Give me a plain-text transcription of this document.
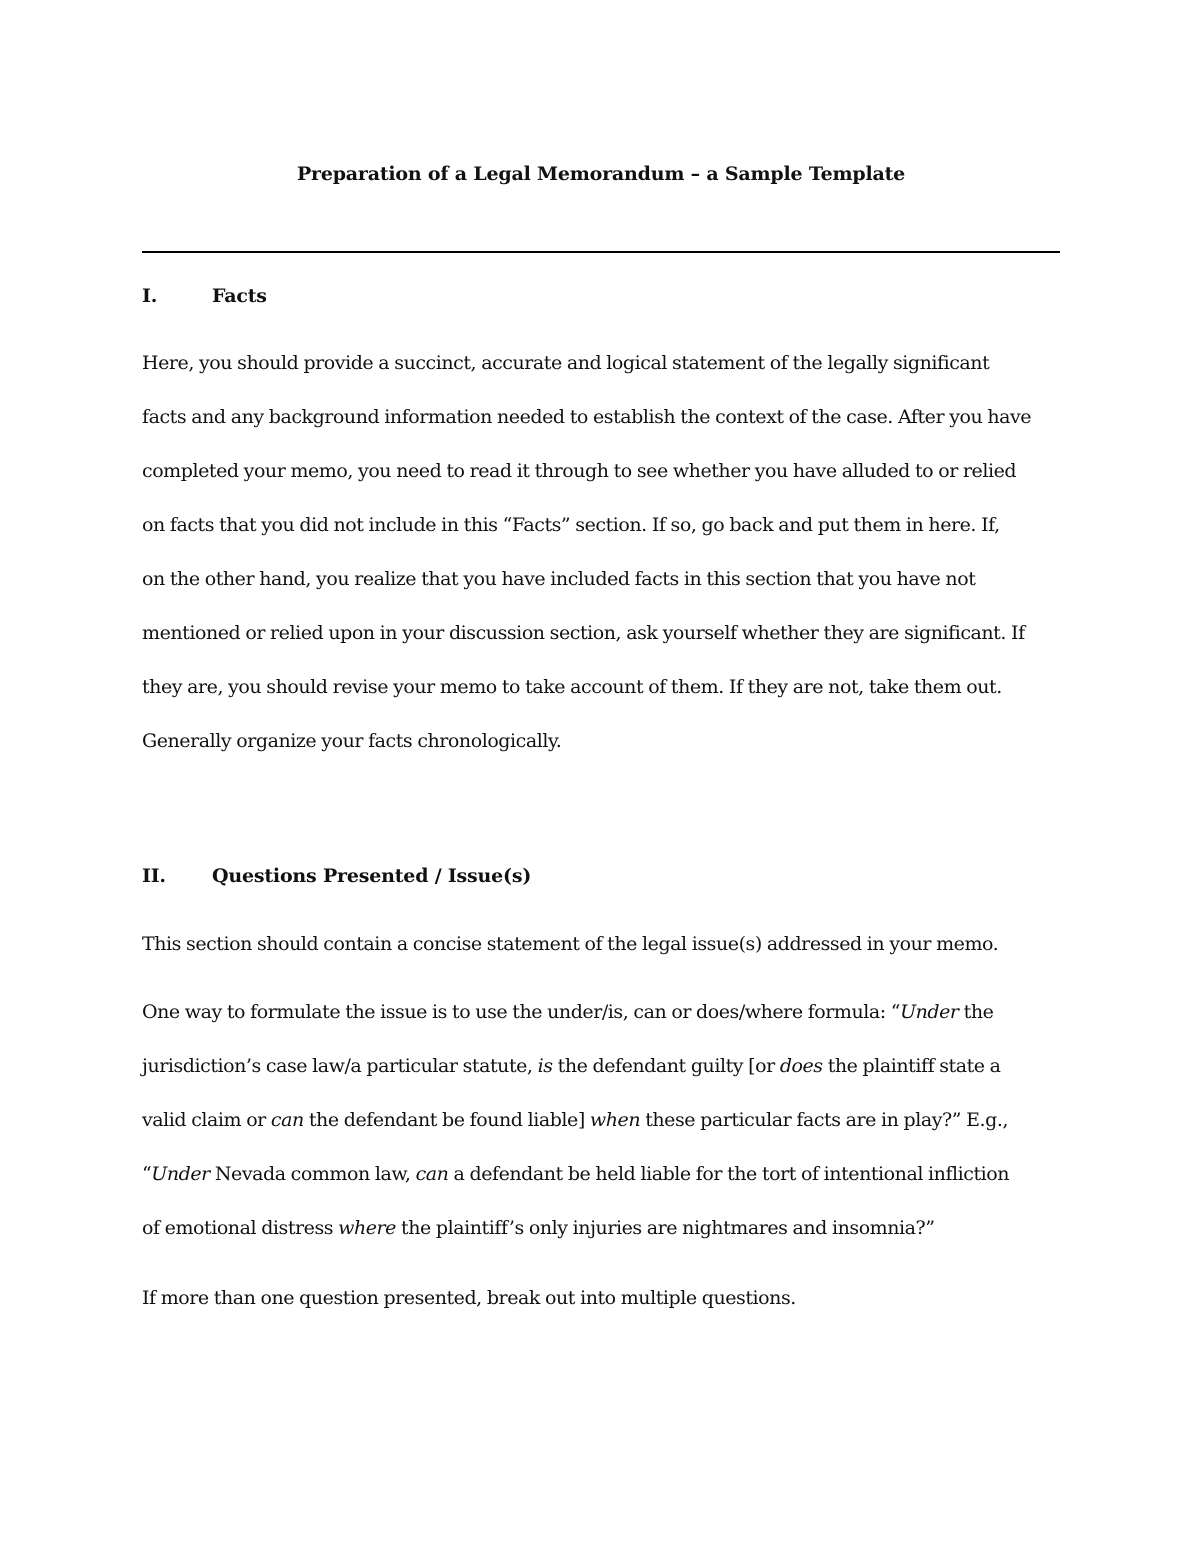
Preparation of a Legal Memorandum – a Sample Template
I.	Facts

Here, you should provide a succinct, accurate and logical statement of the legally significant
facts and any background information needed to establish the context of the case. After you have
completed your memo, you need to read it through to see whether you have alluded to or relied
on facts that you did not include in this “Facts” section. If so, go back and put them in here. If,
on the other hand, you realize that you have included facts in this section that you have not
mentioned or relied upon in your discussion section, ask yourself whether they are significant. If
they are, you should revise your memo to take account of them. If they are not, take them out.
Generally organize your facts chronologically.

II. Questions Presented / Issue(s)

This section should contain a concise statement of the legal issue(s) addressed in your memo.

One way to formulate the issue is to use the under/is, can or does/where formula: “Under the
jurisdiction’s case law/a particular statute, is the defendant guilty [or does the plaintiff state a
valid claim or can the defendant be found liable] when these particular facts are in play?” E.g.,
“Under Nevada common law, can a defendant be held liable for the tort of intentional infliction
of emotional distress where the plaintiff’s only injuries are nightmares and insomnia?”

If more than one question presented, break out into multiple questions.
